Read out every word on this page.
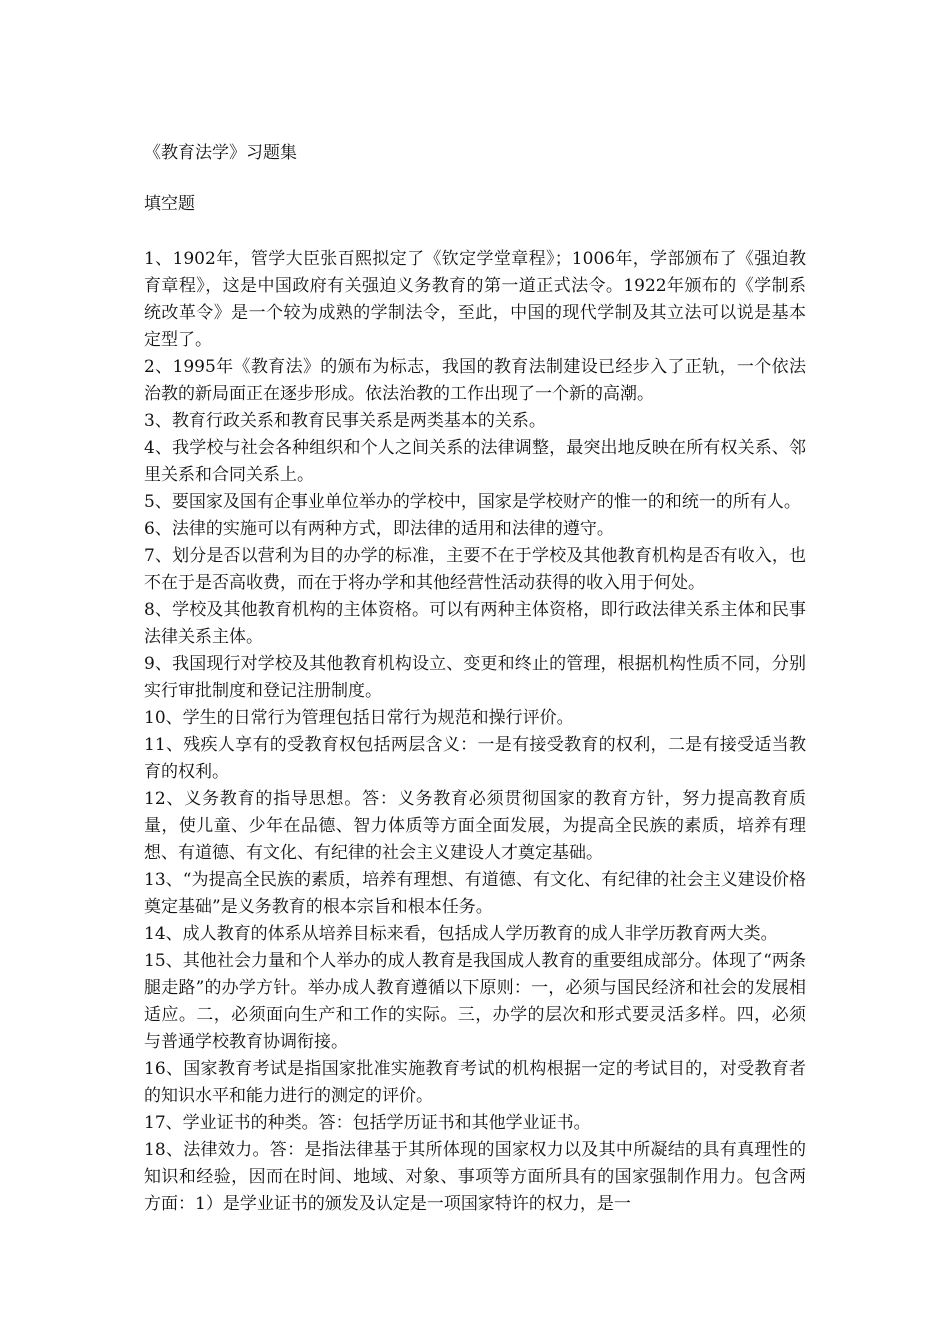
《教育法学》习题集
填空题
1、1902年，管学大臣张百熙拟定了《钦定学堂章程》；1006年，学部颁布了《强迫教育章程》，这是中国政府有关强迫义务教育的第一道正式法令。1922年颁布的《学制系统改革令》是一个较为成熟的学制法令，至此，中国的现代学制及其立法可以说是基本定型了。
2、1995年《教育法》的颁布为标志，我国的教育法制建设已经步入了正轨，一个依法治教的新局面正在逐步形成。依法治教的工作出现了一个新的高潮。
3、教育行政关系和教育民事关系是两类基本的关系。
4、我学校与社会各种组织和个人之间关系的法律调整，最突出地反映在所有权关系、邻里关系和合同关系上。
5、要国家及国有企事业单位举办的学校中，国家是学校财产的惟一的和统一的所有人。
6、法律的实施可以有两种方式，即法律的适用和法律的遵守。
7、划分是否以营利为目的办学的标准，主要不在于学校及其他教育机构是否有收入，也不在于是否高收费，而在于将办学和其他经营性活动获得的收入用于何处。
8、学校及其他教育机构的主体资格。可以有两种主体资格，即行政法律关系主体和民事法律关系主体。
9、我国现行对学校及其他教育机构设立、变更和终止的管理，根据机构性质不同，分别实行审批制度和登记注册制度。
10、学生的日常行为管理包括日常行为规范和操行评价。
11、残疾人享有的受教育权包括两层含义：一是有接受教育的权利，二是有接受适当教育的权利。
12、义务教育的指导思想。答：义务教育必须贯彻国家的教育方针，努力提高教育质量，使儿童、少年在品德、智力体质等方面全面发展，为提高全民族的素质，培养有理想、有道德、有文化、有纪律的社会主义建设人才奠定基础。
13、“为提高全民族的素质，培养有理想、有道德、有文化、有纪律的社会主义建设价格奠定基础”是义务教育的根本宗旨和根本任务。
14、成人教育的体系从培养目标来看，包括成人学历教育的成人非学历教育两大类。
15、其他社会力量和个人举办的成人教育是我国成人教育的重要组成部分。体现了“两条腿走路”的办学方针。举办成人教育遵循以下原则：一，必须与国民经济和社会的发展相适应。二，必须面向生产和工作的实际。三，办学的层次和形式要灵活多样。四，必须与普通学校教育协调衔接。
16、国家教育考试是指国家批准实施教育考试的机构根据一定的考试目的，对受教育者的知识水平和能力进行的测定的评价。
17、学业证书的种类。答：包括学历证书和其他学业证书。
18、法律效力。答：是指法律基于其所体现的国家权力以及其中所凝结的具有真理性的知识和经验，因而在时间、地域、对象、事项等方面所具有的国家强制作用力。包含两方面：1）是学业证书的颁发及认定是一项国家特许的权力，是一
